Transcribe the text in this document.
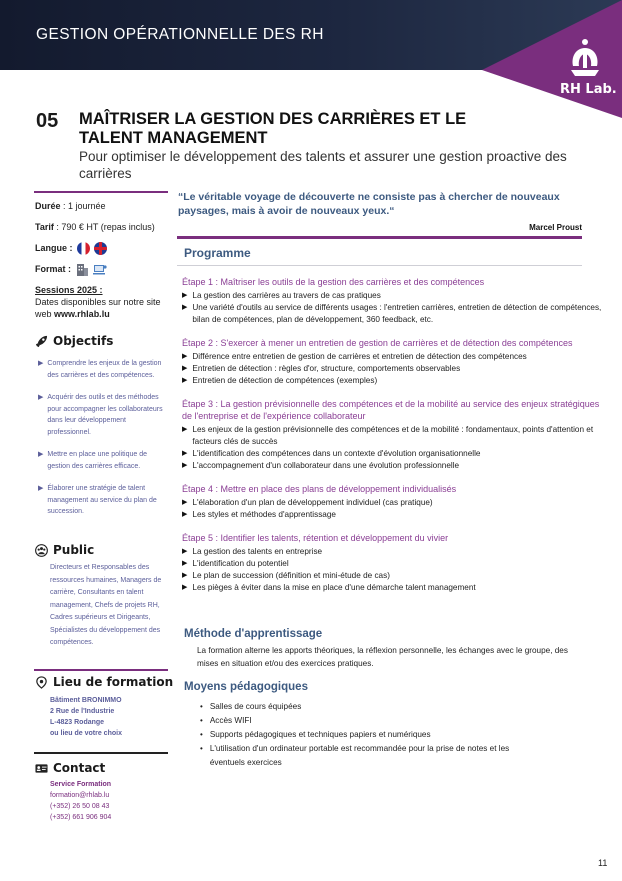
GESTION OPÉRATIONNELLE DES RH
RH Lab.
05 MAÎTRISER LA GESTION DES CARRIÈRES ET LE TALENT MANAGEMENT
Pour optimiser le développement des talents et assurer une gestion proactive des carrières
Durée : 1 journée
Tarif : 790 € HT (repas inclus)
Langue :
Format :
Sessions 2025 :
Dates disponibles sur notre site web www.rhlab.lu
Objectifs
▶ Comprendre les enjeux de la gestion des carrières et des compétences.
▶ Acquérir des outils et des méthodes pour accompagner les collaborateurs dans leur développement professionnel.
▶ Mettre en place une politique de gestion des carrières efficace.
▶ Élaborer une stratégie de talent management au service du plan de succession.
Public
Directeurs et Responsables des ressources humaines, Managers de carrière, Consultants en talent management, Chefs de projets RH, Cadres supérieurs et Dirigeants, Spécialistes du développement des compétences.
Lieu de formation
Bâtiment BRONIMMO
2 Rue de l'Industrie
L-4823 Rodange
ou lieu de votre choix
Contact
Service Formation
formation@rhlab.lu
(+352) 26 50 08 43
(+352) 661 906 904
“Le véritable voyage de découverte ne consiste pas à chercher de nouveaux paysages, mais à avoir de nouveaux yeux.“
Marcel Proust
Programme
Étape 1 : Maîtriser les outils de la gestion des carrières et des compétences
▶ La gestion des carrières au travers de cas pratiques
▶ Une variété d'outils au service de différents usages : l'entretien carrières, entretien de détection de compétences, bilan de compétences, plan de développement, 360 feedback, etc.
Étape 2 : S'exercer à mener un entretien de gestion de carrières et de détection des compétences
▶ Différence entre entretien de gestion de carrières et entretien de détection des compétences
▶ Entretien de détection : règles d'or, structure, comportements observables
▶ Entretien de détection de compétences (exemples)
Étape 3 : La gestion prévisionnelle des compétences et de la mobilité au service des enjeux stratégiques de l'entreprise et de l'expérience collaborateur
▶ Les enjeux de la gestion prévisionnelle des compétences et de la mobilité : fondamentaux, points d'attention et facteurs clés de succès
▶ L'identification des compétences dans un contexte d'évolution organisationnelle
▶ L'accompagnement d'un collaborateur dans une évolution professionnelle
Étape 4 : Mettre en place des plans de développement individualisés
▶ L'élaboration d'un plan de développement individuel (cas pratique)
▶ Les styles et méthodes d'apprentissage
Étape 5 : Identifier les talents, rétention et développement du vivier
▶ La gestion des talents en entreprise
▶ L'identification du potentiel
▶ Le plan de succession (définition et mini-étude de cas)
▶ Les pièges à éviter dans la mise en place d'une démarche talent management
Méthode d'apprentissage
La formation alterne les apports théoriques, la réflexion personnelle, les échanges avec le groupe, des mises en situation et/ou des exercices pratiques.
Moyens pédagogiques
• Salles de cours équipées
• Accès WIFI
• Supports pédagogiques et techniques papiers et numériques
• L'utilisation d'un ordinateur portable est recommandée pour la prise de notes et les éventuels exercices
11
